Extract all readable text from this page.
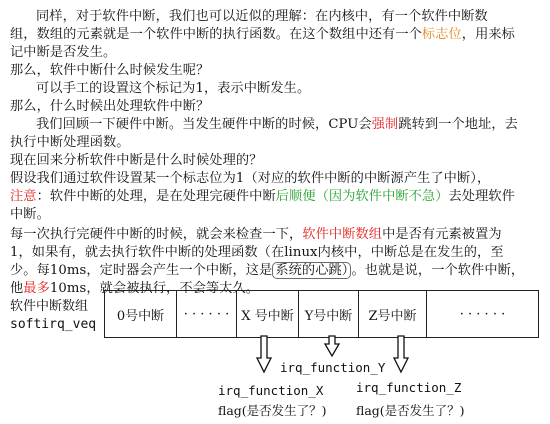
同样，对于软件中断，我们也可以近似的理解：在内核中，有一个软件中断数
组，数组的元素就是一个软件中断的执行函数。在这个数组中还有一个标志位，用来标
记中断是否发生。
那么，软件中断什么时候发生呢？
可以手工的设置这个标记为1，表示中断发生。
那么，什么时候出处理软件中断？
我们回顾一下硬件中断。当发生硬件中断的时候，CPU会强制跳转到一个地址，去
执行中断处理函数。
现在回来分析软件中断是什么时候处理的？
假设我们通过软件设置某一个标志位为1（对应的软件中断的中断源产生了中断），
注意：软件中断的处理，是在处理完硬件中断后顺便（因为软件中断不急）去处理软件
中断。
每一次执行完硬件中断的时候，就会来检查一下，软件中断数组中是否有元素被置为
1，如果有，就去执行软件中断的处理函数（在linux内核中，中断总是在发生的，至
少。每10ms，定时器会产生一个中断，这是 系统的心跳） 。也就是说，一个软件中断，
他最多10ms，就会被执行，不会等太久。
软件中断数组
softirq_veq
0号中断	· · · · · · X 号中断 Y号中断	Z号中断	· · · · · ·
irq_function_Y
irq_function_X	irq_function_Z
flag(是否发生了？) flag(是否发生了？)
